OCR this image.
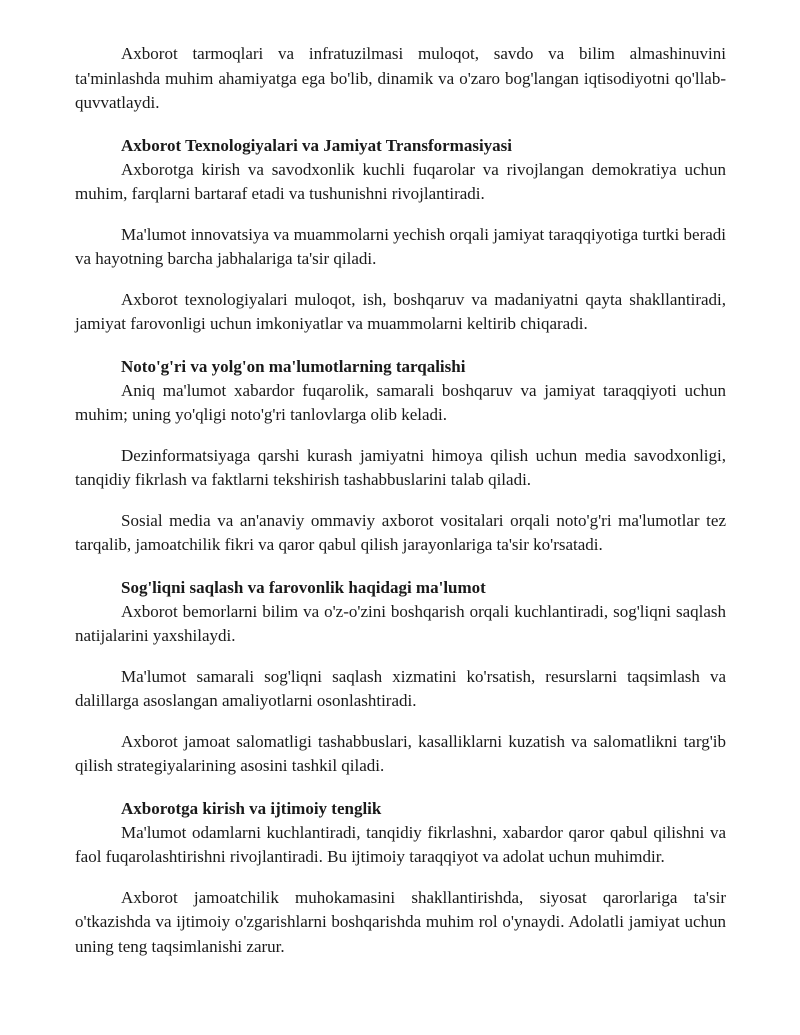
Axborot tarmoqlari va infratuzilmasi muloqot, savdo va bilim almashinuvini ta'minlashda muhim ahamiyatga ega bo'lib, dinamik va o'zaro bog'langan iqtisodiyotni qo'llab-quvvatlaydi.

Axborot Texnologiyalari va Jamiyat Transformasiyasi

Axborotga kirish va savodxonlik kuchli fuqarolar va rivojlangan demokratiya uchun muhim, farqlarni bartaraf etadi va tushunishni rivojlantiradi.

Ma'lumot innovatsiya va muammolarni yechish orqali jamiyat taraqqiyotiga turtki beradi va hayotning barcha jabhalariga ta'sir qiladi.

Axborot texnologiyalari muloqot, ish, boshqaruv va madaniyatni qayta shakllantiradi, jamiyat farovonligi uchun imkoniyatlar va muammolarni keltirib chiqaradi.

Noto'g'ri va yolg'on ma'lumotlarning tarqalishi

Aniq ma'lumot xabardor fuqarolik, samarali boshqaruv va jamiyat taraqqiyoti uchun muhim; uning yo'qligi noto'g'ri tanlovlarga olib keladi.

Dezinformatsiyaga qarshi kurash jamiyatni himoya qilish uchun media savodxonligi, tanqidiy fikrlash va faktlarni tekshirish tashabbuslarini talab qiladi.

Sosial media va an'anaviy ommaviy axborot vositalari orqali noto'g'ri ma'lumotlar tez tarqalib, jamoatchilik fikri va qaror qabul qilish jarayonlariga ta'sir ko'rsatadi.

Sog'liqni saqlash va farovonlik haqidagi ma'lumot

Axborot bemorlarni bilim va o'z-o'zini boshqarish orqali kuchlantiradi, sog'liqni saqlash natijalarini yaxshilaydi.

Ma'lumot samarali sog'liqni saqlash xizmatini ko'rsatish, resurslarni taqsimlash va dalillarga asoslangan amaliyotlarni osonlashtiradi.

Axborot jamoat salomatligi tashabbuslari, kasalliklarni kuzatish va salomatlikni targ'ib qilish strategiyalarining asosini tashkil qiladi.

Axborotga kirish va ijtimoiy tenglik

Ma'lumot odamlarni kuchlantiradi, tanqidiy fikrlashni, xabardor qaror qabul qilishni va faol fuqarolashtirishni rivojlantiradi. Bu ijtimoiy taraqqiyot va adolat uchun muhimdir.

Axborot jamoatchilik muhokamasini shakllantirishda, siyosat qarorlariga ta'sir o'tkazishda va ijtimoiy o'zgarishlarni boshqarishda muhim rol o'ynaydi. Adolatli jamiyat uchun uning teng taqsimlanishi zarur.
